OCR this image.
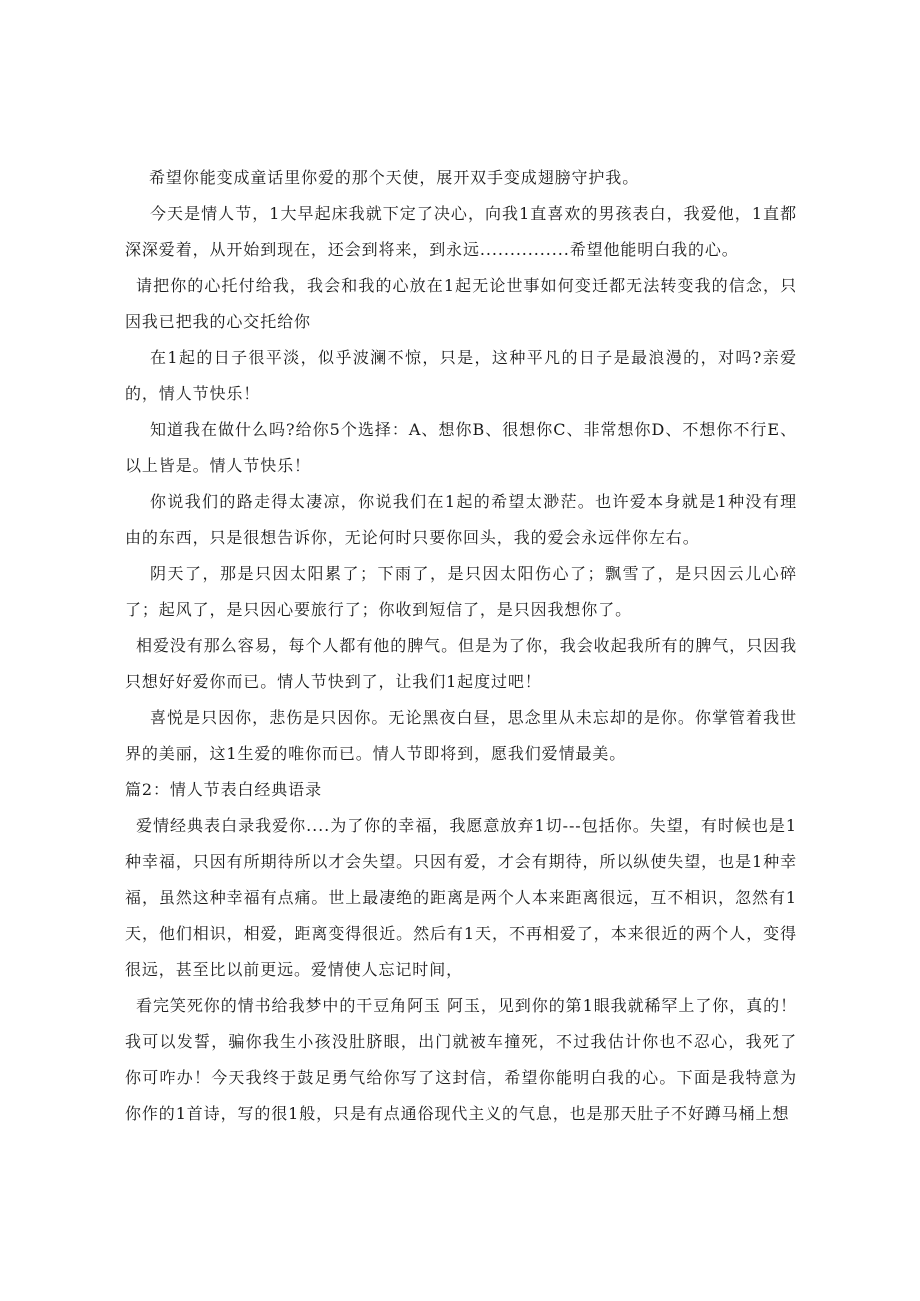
希望你能变成童话里你爱的那个天使，展开双手变成翅膀守护我。

今天是情人节，1大早起床我就下定了决心，向我1直喜欢的男孩表白，我爱他，1直都深深爱着，从开始到现在，还会到将来，到永远...............希望他能明白我的心。

请把你的心托付给我，我会和我的心放在1起无论世事如何变迁都无法转变我的信念，只因我已把我的心交托给你

在1起的日子很平淡，似乎波澜不惊，只是，这种平凡的日子是最浪漫的，对吗?亲爱的，情人节快乐！

知道我在做什么吗?给你5个选择：A、想你B、很想你C、非常想你D、不想你不行E、以上皆是。情人节快乐！

你说我们的路走得太凄凉，你说我们在1起的希望太渺茫。也许爱本身就是1种没有理由的东西，只是很想告诉你，无论何时只要你回头，我的爱会永远伴你左右。

阴天了，那是只因太阳累了；下雨了，是只因太阳伤心了；飘雪了，是只因云儿心碎了；起风了，是只因心要旅行了；你收到短信了，是只因我想你了。

相爱没有那么容易，每个人都有他的脾气。但是为了你，我会收起我所有的脾气，只因我只想好好爱你而已。情人节快到了，让我们1起度过吧！

喜悦是只因你，悲伤是只因你。无论黑夜白昼，思念里从未忘却的是你。你掌管着我世界的美丽，这1生爱的唯你而已。情人节即将到，愿我们爱情最美。

篇2：情人节表白经典语录

爱情经典表白录我爱你....为了你的幸福，我愿意放弃1切---包括你。失望，有时候也是1种幸福，只因有所期待所以才会失望。只因有爱，才会有期待，所以纵使失望，也是1种幸福，虽然这种幸福有点痛。世上最凄绝的距离是两个人本来距离很远，互不相识，忽然有1天，他们相识，相爱，距离变得很近。然后有1天，不再相爱了，本来很近的两个人，变得很远，甚至比以前更远。爱情使人忘记时间，

看完笑死你的情书给我梦中的干豆角阿玉 阿玉，见到你的第1眼我就稀罕上了你，真的！我可以发誓，骗你我生小孩没肚脐眼，出门就被车撞死，不过我估计你也不忍心，我死了你可咋办！今天我终于鼓足勇气给你写了这封信，希望你能明白我的心。下面是我特意为你作的1首诗，写的很1般，只是有点通俗现代主义的气息，也是那天肚子不好蹲马桶上想
